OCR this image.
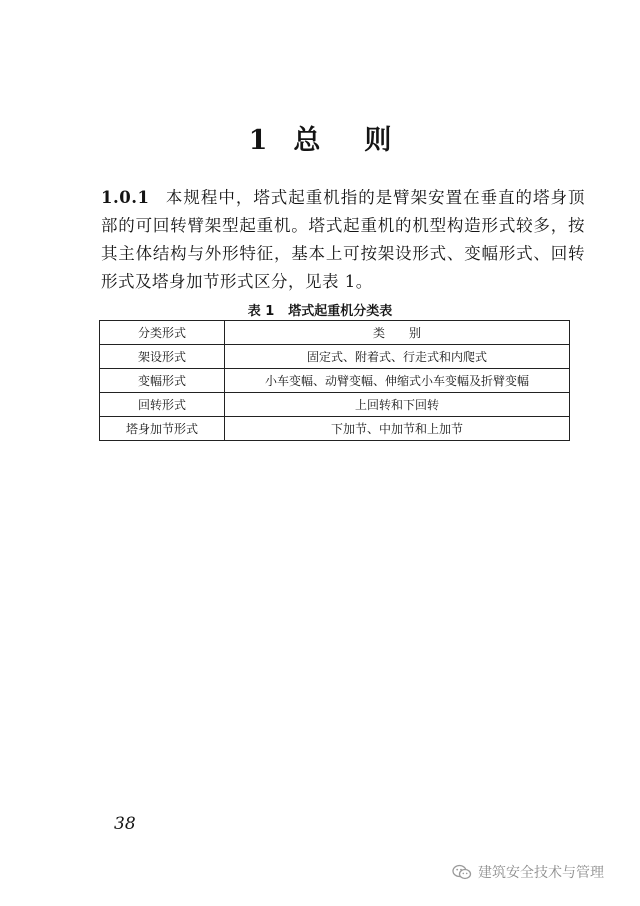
1 总 则
1.0.1 本规程中，塔式起重机指的是臂架安置在垂直的塔身顶部的可回转臂架型起重机。塔式起重机的机型构造形式较多，按其主体结构与外形特征，基本上可按架设形式、变幅形式、回转形式及塔身加节形式区分，见表 1。
表 1 塔式起重机分类表
分类形式	类　　别
架设形式	固定式、附着式、行走式和内爬式
变幅形式	小车变幅、动臂变幅、伸缩式小车变幅及折臂变幅
回转形式	上回转和下回转
塔身加节形式	下加节、中加节和上加节
38
建筑安全技术与管理
